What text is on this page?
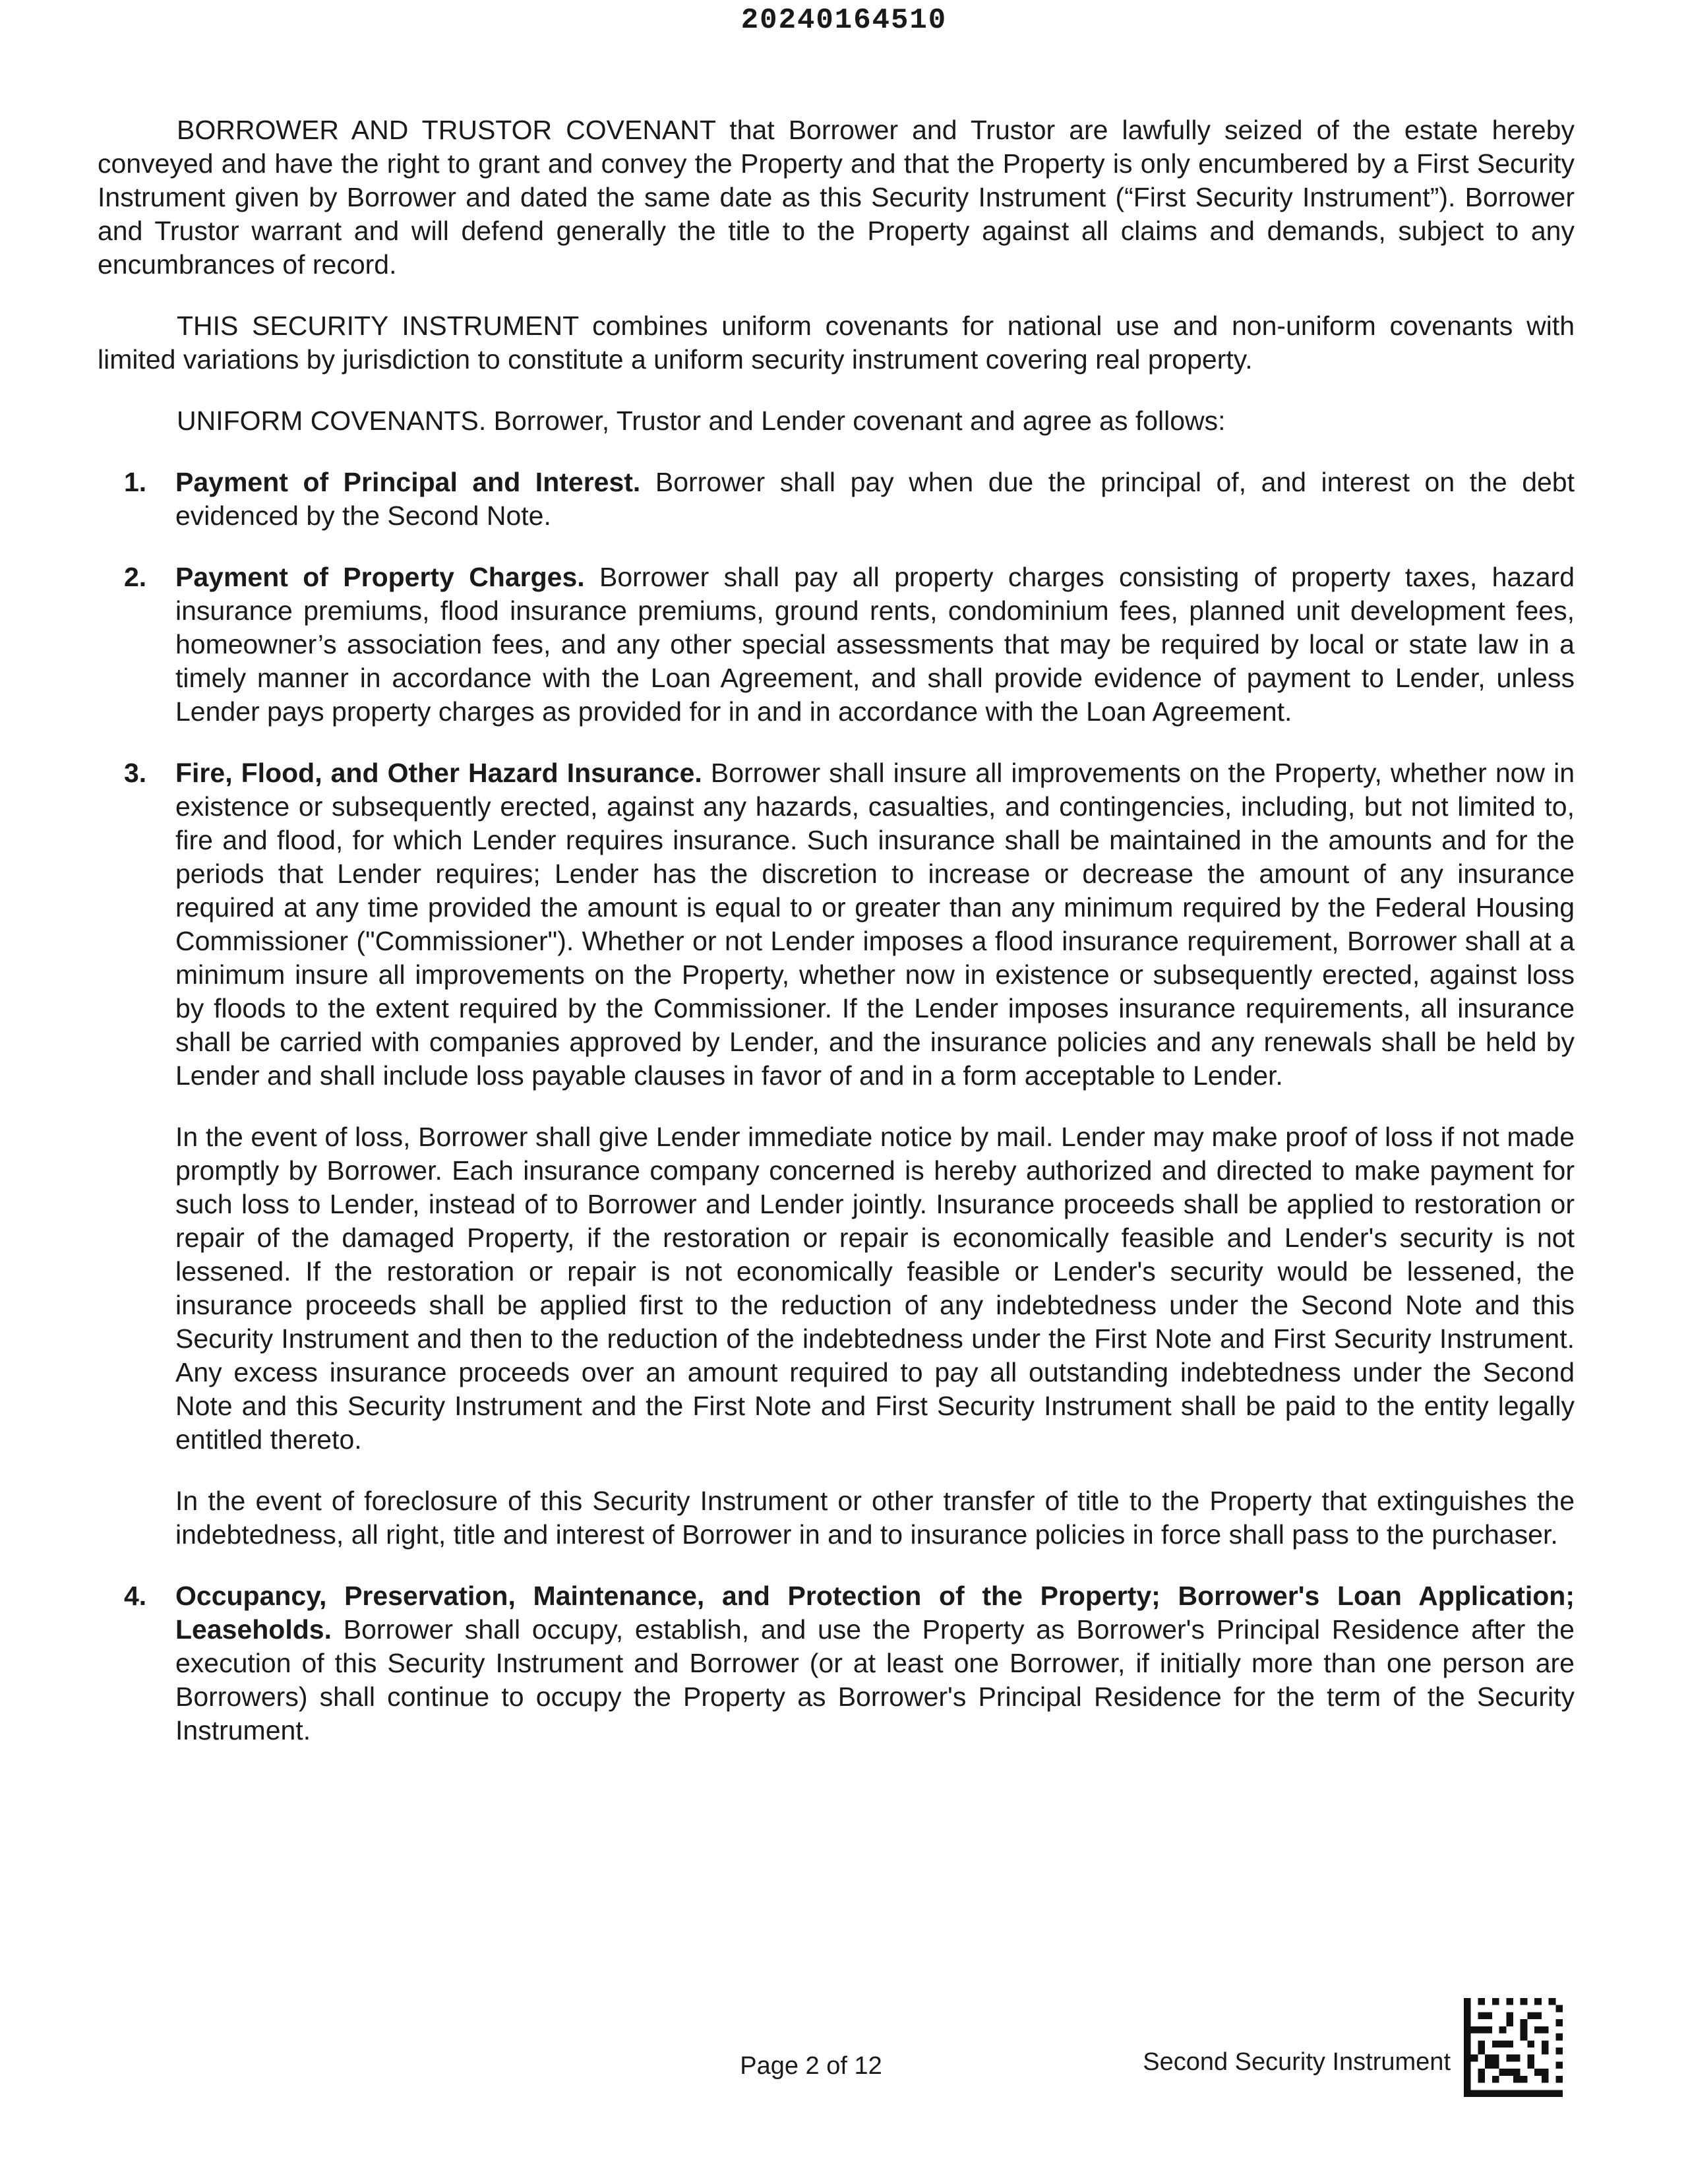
20240164510

BORROWER AND TRUSTOR COVENANT that Borrower and Trustor are lawfully seized of the estate hereby conveyed and have the right to grant and convey the Property and that the Property is only encumbered by a First Security Instrument given by Borrower and dated the same date as this Security Instrument (“First Security Instrument”). Borrower and Trustor warrant and will defend generally the title to the Property against all claims and demands, subject to any encumbrances of record.

THIS SECURITY INSTRUMENT combines uniform covenants for national use and non-uniform covenants with limited variations by jurisdiction to constitute a uniform security instrument covering real property.

UNIFORM COVENANTS. Borrower, Trustor and Lender covenant and agree as follows:

1. Payment of Principal and Interest. Borrower shall pay when due the principal of, and interest on the debt evidenced by the Second Note.

2. Payment of Property Charges. Borrower shall pay all property charges consisting of property taxes, hazard insurance premiums, flood insurance premiums, ground rents, condominium fees, planned unit development fees, homeowner’s association fees, and any other special assessments that may be required by local or state law in a timely manner in accordance with the Loan Agreement, and shall provide evidence of payment to Lender, unless Lender pays property charges as provided for in and in accordance with the Loan Agreement.

3. Fire, Flood, and Other Hazard Insurance. Borrower shall insure all improvements on the Property, whether now in existence or subsequently erected, against any hazards, casualties, and contingencies, including, but not limited to, fire and flood, for which Lender requires insurance. Such insurance shall be maintained in the amounts and for the periods that Lender requires; Lender has the discretion to increase or decrease the amount of any insurance required at any time provided the amount is equal to or greater than any minimum required by the Federal Housing Commissioner ("Commissioner"). Whether or not Lender imposes a flood insurance requirement, Borrower shall at a minimum insure all improvements on the Property, whether now in existence or subsequently erected, against loss by floods to the extent required by the Commissioner. If the Lender imposes insurance requirements, all insurance shall be carried with companies approved by Lender, and the insurance policies and any renewals shall be held by Lender and shall include loss payable clauses in favor of and in a form acceptable to Lender.

In the event of loss, Borrower shall give Lender immediate notice by mail. Lender may make proof of loss if not made promptly by Borrower. Each insurance company concerned is hereby authorized and directed to make payment for such loss to Lender, instead of to Borrower and Lender jointly. Insurance proceeds shall be applied to restoration or repair of the damaged Property, if the restoration or repair is economically feasible and Lender's security is not lessened. If the restoration or repair is not economically feasible or Lender's security would be lessened, the insurance proceeds shall be applied first to the reduction of any indebtedness under the Second Note and this Security Instrument and then to the reduction of the indebtedness under the First Note and First Security Instrument. Any excess insurance proceeds over an amount required to pay all outstanding indebtedness under the Second Note and this Security Instrument and the First Note and First Security Instrument shall be paid to the entity legally entitled thereto.

In the event of foreclosure of this Security Instrument or other transfer of title to the Property that extinguishes the indebtedness, all right, title and interest of Borrower in and to insurance policies in force shall pass to the purchaser.

4. Occupancy, Preservation, Maintenance, and Protection of the Property; Borrower's Loan Application; Leaseholds. Borrower shall occupy, establish, and use the Property as Borrower's Principal Residence after the execution of this Security Instrument and Borrower (or at least one Borrower, if initially more than one person are Borrowers) shall continue to occupy the Property as Borrower's Principal Residence for the term of the Security Instrument.

Page 2 of 12	Second Security Instrument
